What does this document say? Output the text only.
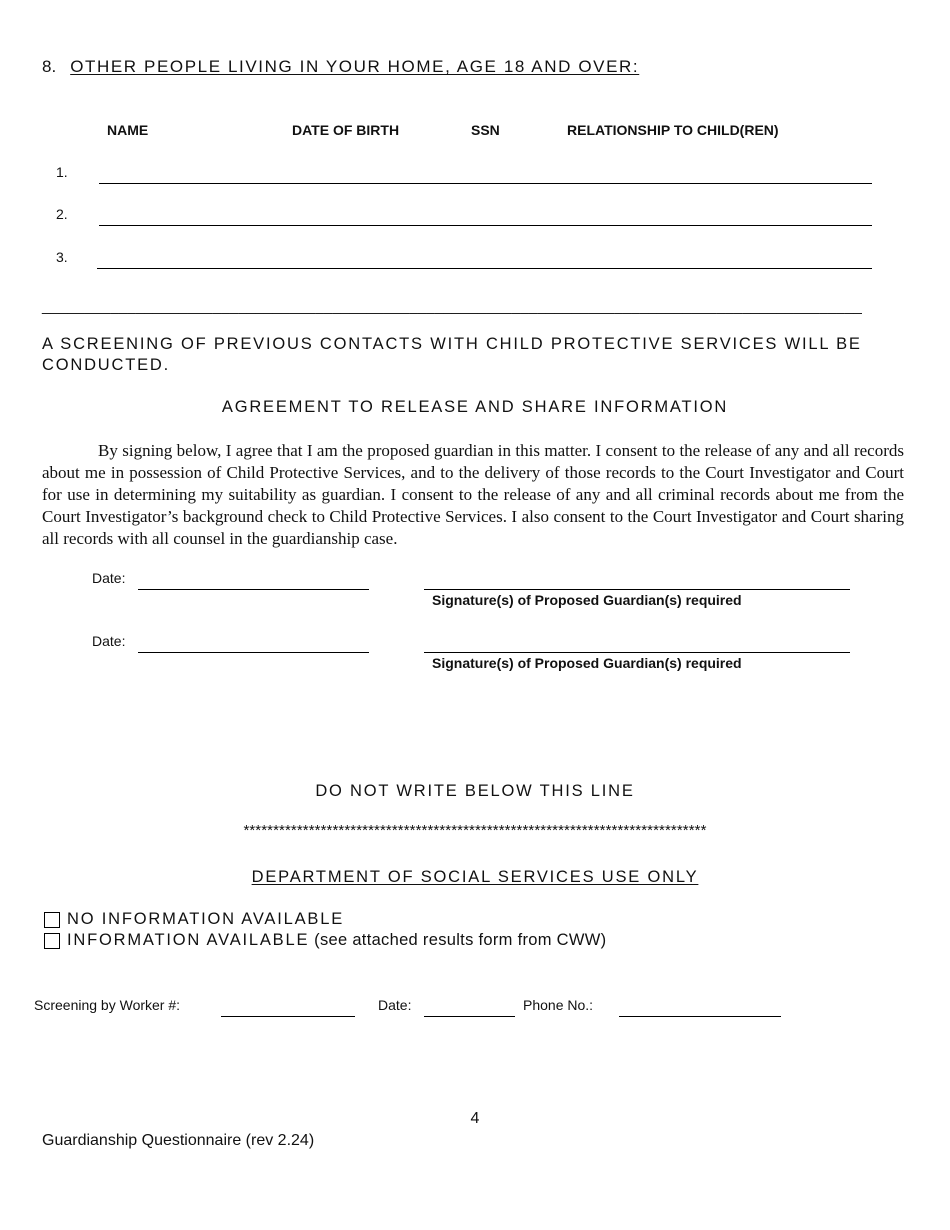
8. OTHER PEOPLE LIVING IN YOUR HOME, AGE 18 AND OVER:
NAME	DATE OF BIRTH	SSN	RELATIONSHIP TO CHILD(REN)
1.
2.
3.
________________________________________________________________________________________________
A SCREENING OF PREVIOUS CONTACTS WITH CHILD PROTECTIVE SERVICES WILL BE CONDUCTED.
AGREEMENT TO RELEASE AND SHARE INFORMATION
By signing below, I agree that I am the proposed guardian in this matter. I consent to the release of any and all records about me in possession of Child Protective Services, and to the delivery of those records to the Court Investigator and Court for use in determining my suitability as guardian. I consent to the release of any and all criminal records about me from the Court Investigator’s background check to Child Protective Services. I also consent to the Court Investigator and Court sharing all records with all counsel in the guardianship case.
Date:
Signature(s) of Proposed Guardian(s) required
Date:
Signature(s) of Proposed Guardian(s) required
DO NOT WRITE BELOW THIS LINE
******************************************************************************
DEPARTMENT OF SOCIAL SERVICES USE ONLY
NO INFORMATION AVAILABLE
INFORMATION AVAILABLE (see attached results form from CWW)
Screening by Worker #:	Date:	Phone No.:
4
Guardianship Questionnaire (rev 2.24)
